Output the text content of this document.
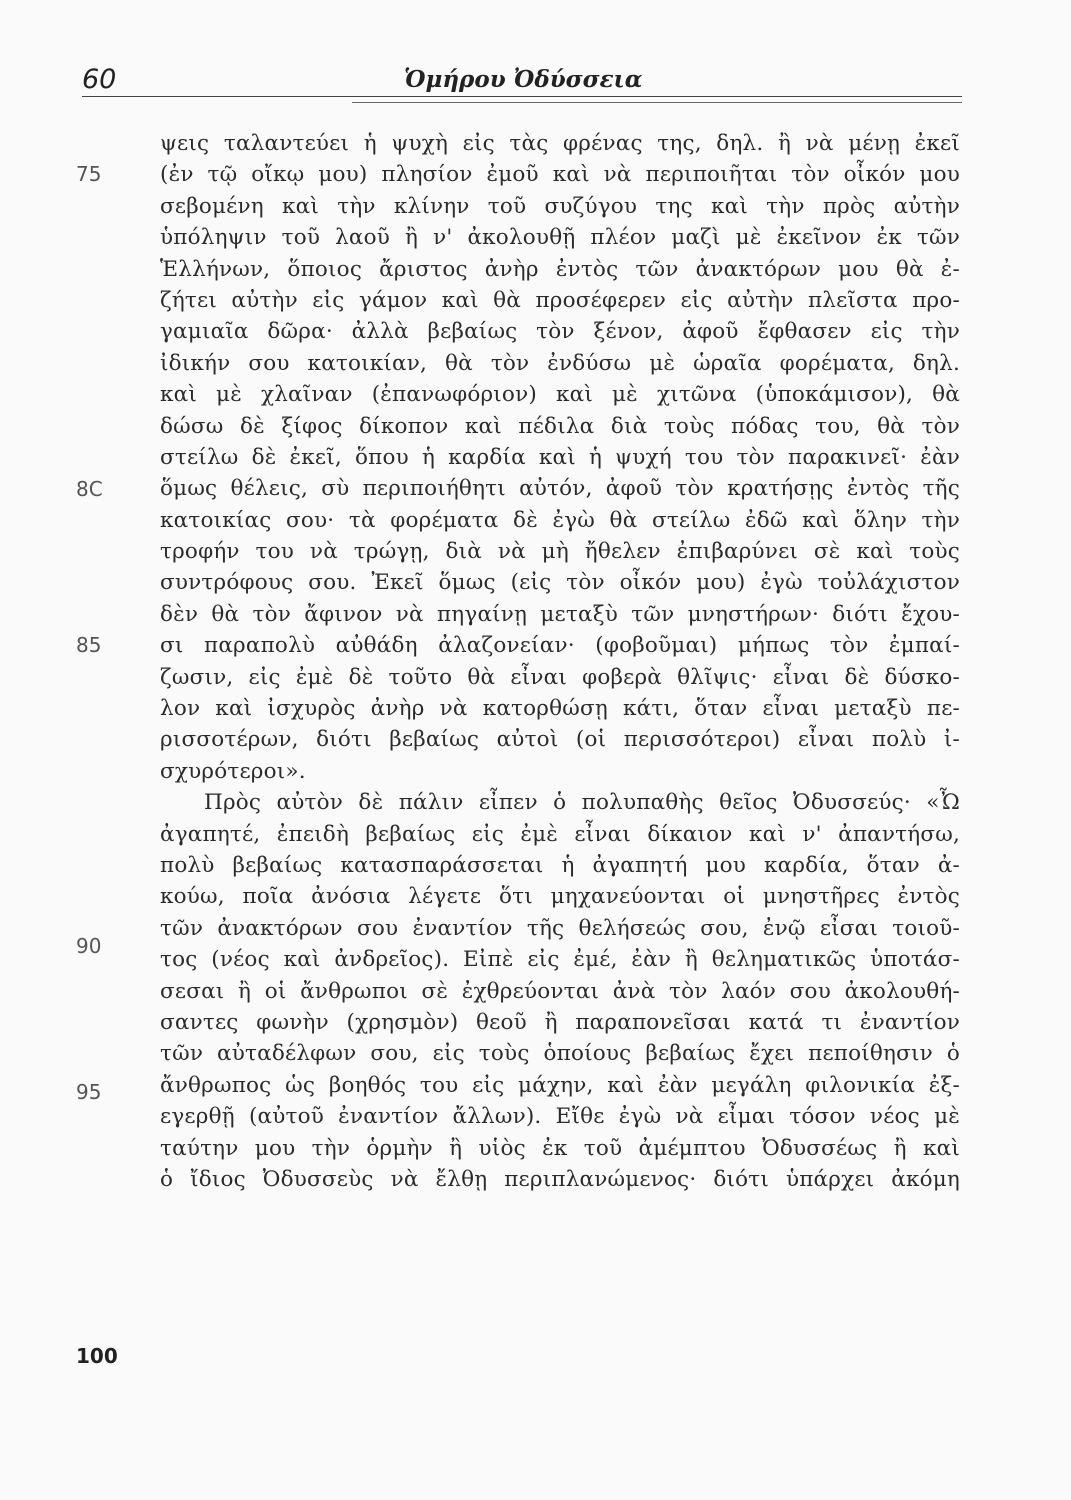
60	Ὁμήρου Ὀδύσσεια
75
8C
85
90
95
100
ψεις ταλαντεύει ἡ ψυχὴ εἰς τὰς φρένας της, δηλ. ἢ νὰ μένῃ ἐκεῖ
(ἐν τῷ οἴκῳ μου) πλησίον ἐμοῦ καὶ νὰ περιποιῆται τὸν οἶκόν μου
σεβομένη καὶ τὴν κλίνην τοῦ συζύγου της καὶ τὴν πρὸς αὐτὴν
ὑπόληψιν τοῦ λαοῦ ἢ ν' ἀκολουθῇ πλέον μαζὶ μὲ ἐκεῖνον ἐκ τῶν
Ἑλλήνων, ὅποιος ἄριστος ἀνὴρ ἐντὸς τῶν ἀνακτόρων μου θὰ ἐ-
ζήτει αὐτὴν εἰς γάμον καὶ θὰ προσέφερεν εἰς αὐτὴν πλεῖστα προ-
γαμιαῖα δῶρα· ἀλλὰ βεβαίως τὸν ξένον, ἀφοῦ ἔφθασεν εἰς τὴν
ἰδικήν σου κατοικίαν, θὰ τὸν ἐνδύσω μὲ ὡραῖα φορέματα, δηλ.
καὶ μὲ χλαῖναν (ἐπανωφόριον) καὶ μὲ χιτῶνα (ὑποκάμισον), θὰ
δώσω δὲ ξίφος δίκοπον καὶ πέδιλα διὰ τοὺς πόδας του, θὰ τὸν
στείλω δὲ ἐκεῖ, ὅπου ἡ καρδία καὶ ἡ ψυχή του τὸν παρακινεῖ· ἐὰν
ὅμως θέλεις, σὺ περιποιήθητι αὐτόν, ἀφοῦ τὸν κρατήσῃς ἐντὸς τῆς
κατοικίας σου· τὰ φορέματα δὲ ἐγὼ θὰ στείλω ἐδῶ καὶ ὅλην τὴν
τροφήν του νὰ τρώγῃ, διὰ νὰ μὴ ἤθελεν ἐπιβαρύνει σὲ καὶ τοὺς
συντρόφους σου. Ἐκεῖ ὅμως (εἰς τὸν οἶκόν μου) ἐγὼ τοὐλάχιστον
δὲν θὰ τὸν ἄφινον νὰ πηγαίνῃ μεταξὺ τῶν μνηστήρων· διότι ἔχου-
σι παραπολὺ αὐθάδη ἀλαζονείαν· (φοβοῦμαι) μήπως τὸν ἐμπαί-
ζωσιν, εἰς ἐμὲ δὲ τοῦτο θὰ εἶναι φοβερὰ θλῖψις· εἶναι δὲ δύσκο-
λον καὶ ἰσχυρὸς ἀνὴρ νὰ κατορθώσῃ κάτι, ὅταν εἶναι μεταξὺ πε-
ρισσοτέρων, διότι βεβαίως αὐτοὶ (οἱ περισσότεροι) εἶναι πολὺ ἰ-
σχυρότεροι».
Πρὸς αὐτὸν δὲ πάλιν εἶπεν ὁ πολυπαθὴς θεῖος Ὀδυσσεύς· «Ὦ
ἀγαπητέ, ἐπειδὴ βεβαίως εἰς ἐμὲ εἶναι δίκαιον καὶ ν' ἀπαντήσω,
πολὺ βεβαίως κατασπαράσσεται ἡ ἀγαπητή μου καρδία, ὅταν ἀ-
κούω, ποῖα ἀνόσια λέγετε ὅτι μηχανεύονται οἱ μνηστῆρες ἐντὸς
τῶν ἀνακτόρων σου ἐναντίον τῆς θελήσεώς σου, ἐνῷ εἶσαι τοιοῦ-
τος (νέος καὶ ἀνδρεῖος). Εἰπὲ εἰς ἐμέ, ἐὰν ἢ θεληματικῶς ὑποτάσ-
σεσαι ἢ οἱ ἄνθρωποι σὲ ἐχθρεύονται ἀνὰ τὸν λαόν σου ἀκολουθή-
σαντες φωνὴν (χρησμὸν) θεοῦ ἢ παραπονεῖσαι κατά τι ἐναντίον
τῶν αὐταδέλφων σου, εἰς τοὺς ὁποίους βεβαίως ἔχει πεποίθησιν ὁ
ἄνθρωπος ὡς βοηθός του εἰς μάχην, καὶ ἐὰν μεγάλη φιλονικία ἐξ-
εγερθῇ (αὐτοῦ ἐναντίον ἄλλων). Εἴθε ἐγὼ νὰ εἶμαι τόσον νέος μὲ
ταύτην μου τὴν ὁρμὴν ἢ υἱὸς ἐκ τοῦ ἀμέμπτου Ὀδυσσέως ἢ καὶ
ὁ ἴδιος Ὀδυσσεὺς νὰ ἔλθῃ περιπλανώμενος· διότι ὑπάρχει ἀκόμη
